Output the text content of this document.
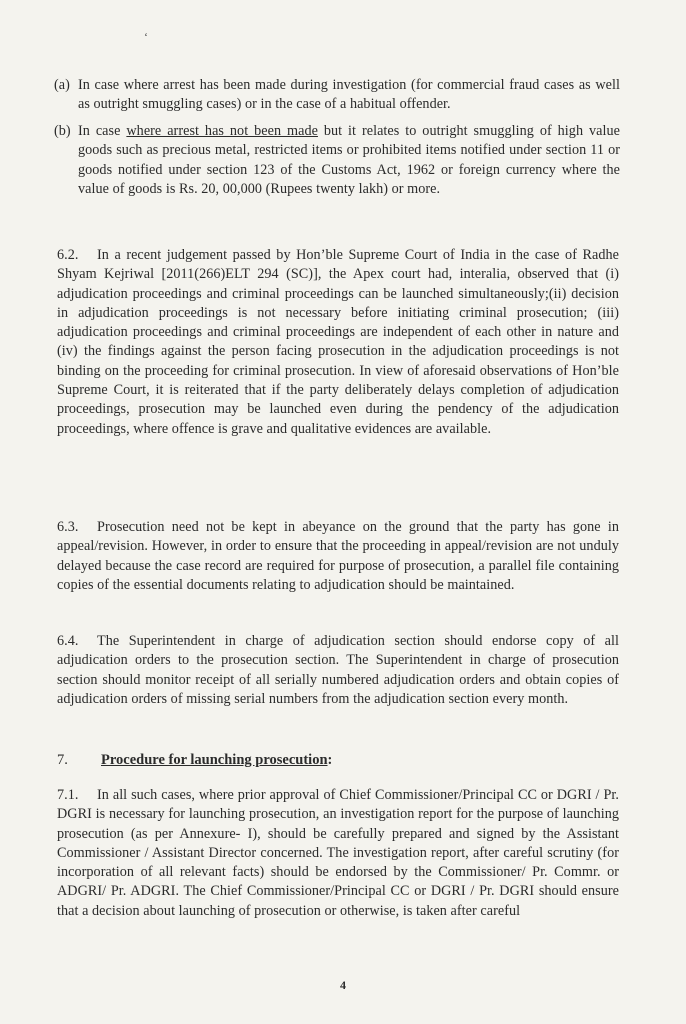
ʻ
(a) In case where arrest has been made during investigation (for commercial fraud cases as well as outright smuggling cases) or in the case of a habitual offender.
(b) In case where arrest has not been made but it relates to outright smuggling of high value goods such as precious metal, restricted items or prohibited items notified under section 11 or goods notified under section 123 of the Customs Act, 1962 or foreign currency where the value of goods is Rs. 20, 00,000 (Rupees twenty lakh) or more.
6.2. In a recent judgement passed by Hon’ble Supreme Court of India in the case of Radhe Shyam Kejriwal [2011(266)ELT 294 (SC)], the Apex court had, interalia, observed that (i) adjudication proceedings and criminal proceedings can be launched simultaneously;(ii) decision in adjudication proceedings is not necessary before initiating criminal prosecution; (iii) adjudication proceedings and criminal proceedings are independent of each other in nature and (iv) the findings against the person facing prosecution in the adjudication proceedings is not binding on the proceeding for criminal prosecution. In view of aforesaid observations of Hon’ble Supreme Court, it is reiterated that if the party deliberately delays completion of adjudication proceedings, prosecution may be launched even during the pendency of the adjudication proceedings, where offence is grave and qualitative evidences are available.
6.3. Prosecution need not be kept in abeyance on the ground that the party has gone in appeal/revision. However, in order to ensure that the proceeding in appeal/revision are not unduly delayed because the case record are required for purpose of prosecution, a parallel file containing copies of the essential documents relating to adjudication should be maintained.
6.4. The Superintendent in charge of adjudication section should endorse copy of all adjudication orders to the prosecution section. The Superintendent in charge of prosecution section should monitor receipt of all serially numbered adjudication orders and obtain copies of adjudication orders of missing serial numbers from the adjudication section every month.
7. Procedure for launching prosecution:
7.1. In all such cases, where prior approval of Chief Commissioner/Principal CC or DGRI / Pr. DGRI is necessary for launching prosecution, an investigation report for the purpose of launching prosecution (as per Annexure- I), should be carefully prepared and signed by the Assistant Commissioner / Assistant Director concerned. The investigation report, after careful scrutiny (for incorporation of all relevant facts) should be endorsed by the Commissioner/ Pr. Commr. or ADGRI/ Pr. ADGRI. The Chief Commissioner/Principal CC or DGRI / Pr. DGRI should ensure that a decision about launching of prosecution or otherwise, is taken after careful
4
